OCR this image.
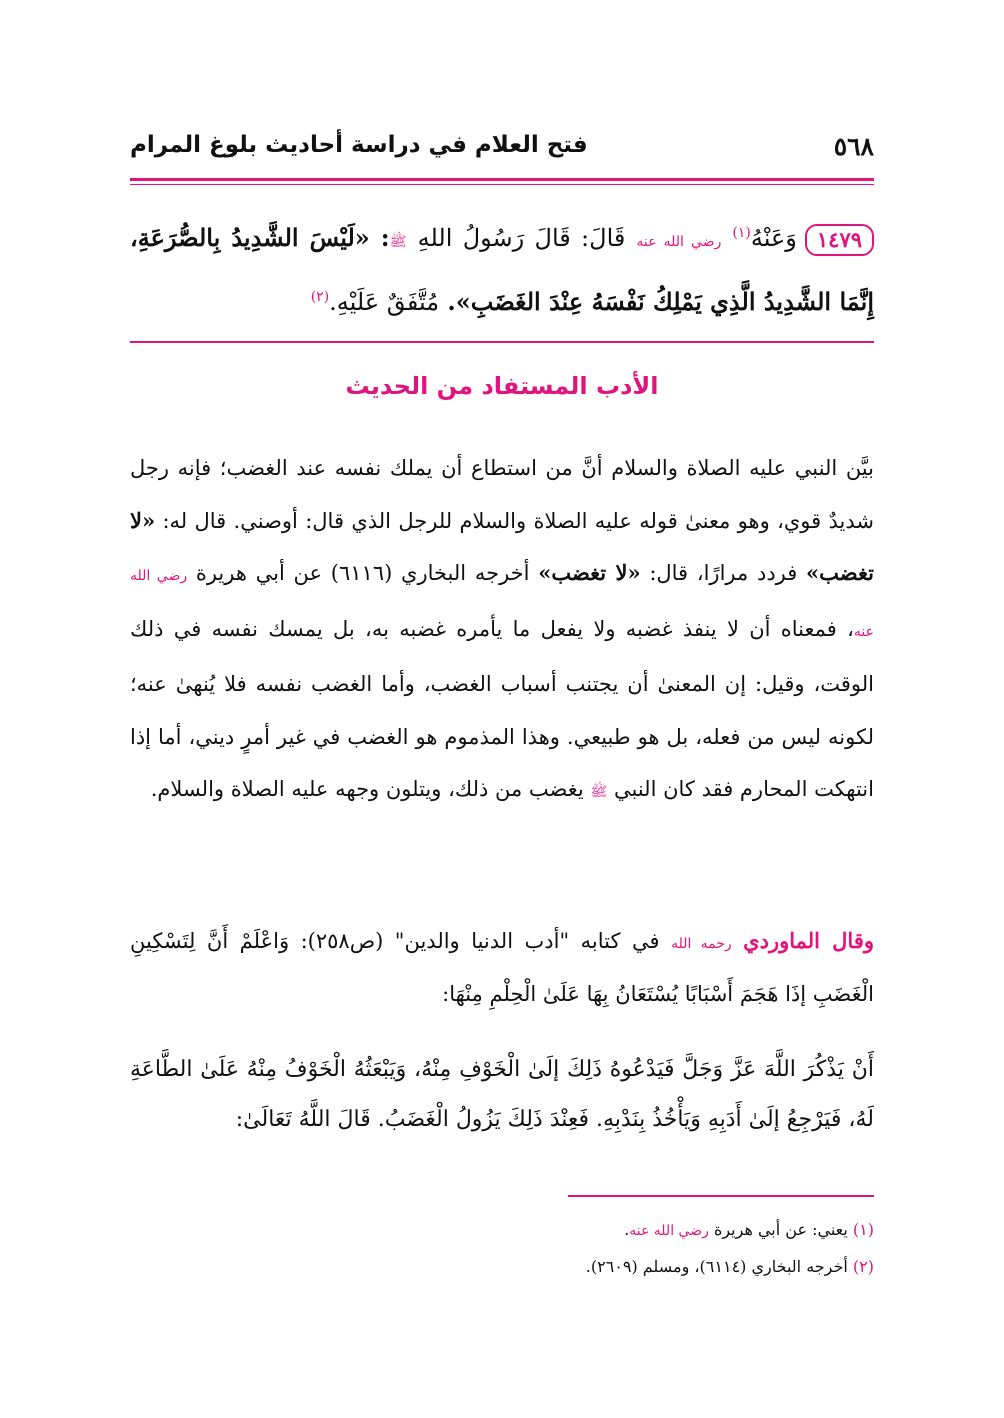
٥٦٨
فتح العلام في دراسة أحاديث بلوغ المرام
١٤٧٩وَعَنْهُ$^{(١)}$ رضي الله عنه قَالَ: قَالَ رَسُولُ اللهِ ﷺ: «لَيْسَ الشَّدِيدُ بِالصُّرَعَةِ، إِنَّمَا الشَّدِيدُ الَّذِي يَمْلِكُ نَفْسَهُ عِنْدَ الغَضَبِ». مُتَّفَقٌ عَلَيْهِ.$^{(٢)}$
الأدب المستفاد من الحديث
بيَّن النبي عليه الصلاة والسلام أنَّ من استطاع أن يملك نفسه عند الغضب؛ فإنه رجل شديدٌ قوي، وهو معنىٰ قوله عليه الصلاة والسلام للرجل الذي قال: أوصني. قال له: «لا تغضب» فردد مرارًا، قال: «لا تغضب» أخرجه البخاري (٦١١٦) عن أبي هريرة رضي الله عنه، فمعناه أن لا ينفذ غضبه ولا يفعل ما يأمره غضبه به، بل يمسك نفسه في ذلك الوقت، وقيل: إن المعنىٰ أن يجتنب أسباب الغضب، وأما الغضب نفسه فلا يُنهىٰ عنه؛ لكونه ليس من فعله، بل هو طبيعي. وهذا المذموم هو الغضب في غير أمرٍ ديني، أما إذا انتهكت المحارم فقد كان النبي ﷺ يغضب من ذلك، ويتلون وجهه عليه الصلاة والسلام.
وقال الماوردي رحمه الله في كتابه "أدب الدنيا والدين" (ص٢٥٨): وَاعْلَمْ أَنَّ لِتَسْكِينِ الْغَضَبِ إذَا هَجَمَ أَسْبَابًا يُسْتَعَانُ بِهَا عَلَىٰ الْحِلْمِ مِنْهَا:
أَنْ يَذْكُرَ اللَّهَ عَزَّ وَجَلَّ فَيَدْعُوهُ ذَلِكَ إلَىٰ الْخَوْفِ مِنْهُ، وَيَبْعَثُهُ الْخَوْفُ مِنْهُ عَلَىٰ الطَّاعَةِ لَهُ، فَيَرْجِعُ إلَىٰ أَدَبِهِ وَيَأْخُذُ بِنَدْبِهِ. فَعِنْدَ ذَلِكَ يَزُولُ الْغَضَبُ. قَالَ اللَّهُ تَعَالَىٰ:
(١) يعني: عن أبي هريرة رضي الله عنه.
(٢) أخرجه البخاري (٦١١٤)، ومسلم (٢٦٠٩).
